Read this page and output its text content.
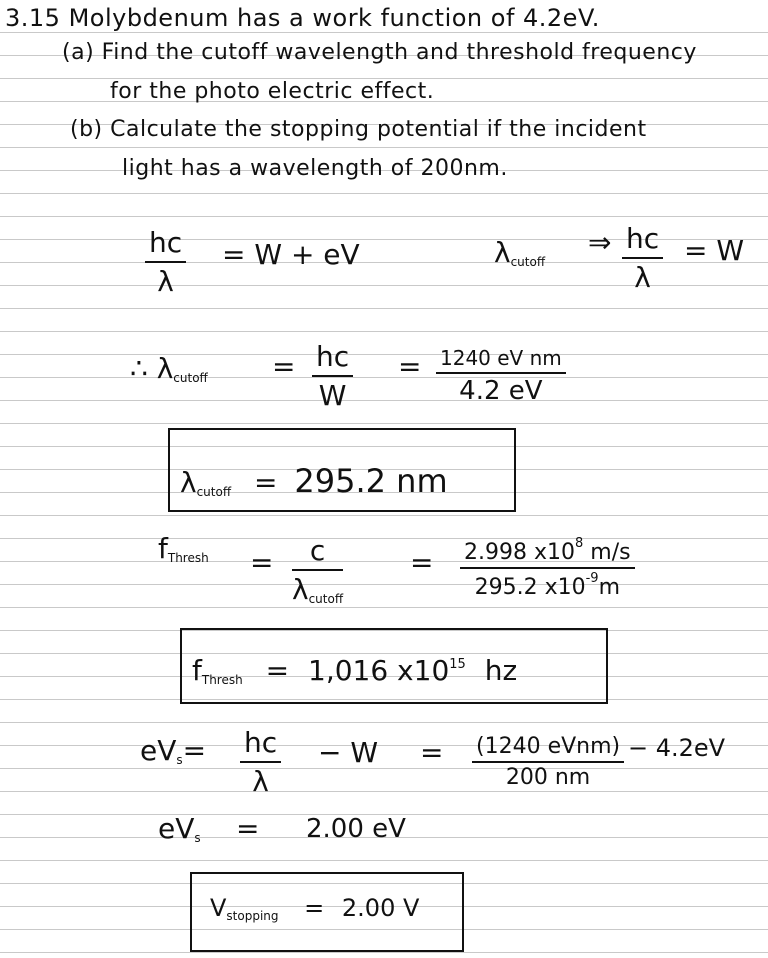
3.15 Molybdenum has a work function of 4.2eV.
(a) Find the cutoff wavelength and threshold frequency
for the photo electric effect.
(b) Calculate the stopping potential if the incident
light has a wavelength of 200nm.
$\frac{hc}{\lambda} = W$ + eV	$\lambda_{cutoff}$
⇒ $\frac{hc}{\lambda} = W$
∴ $\lambda_{cutoff} = \frac{hc}{W} = 1240$ eV nm
4.2 eV
$\lambda_{cutoff} = 295.2$ nm
$f_{Thresh}$ =	c
$\lambda_{cutoff}$
= $\frac{2.998 x10^8 m/s}{295.2 x10^{-9}m}$
$f_{Thresh} = 1,016$ $x10^{15}$ hz
$eV_s= \frac{hc}{\lambda} - W = (1240$ eVnm)
200 nm
− 4.2eV
$eV_s = 2.00$ eV
$V_{stopping} = 2.00$ V
